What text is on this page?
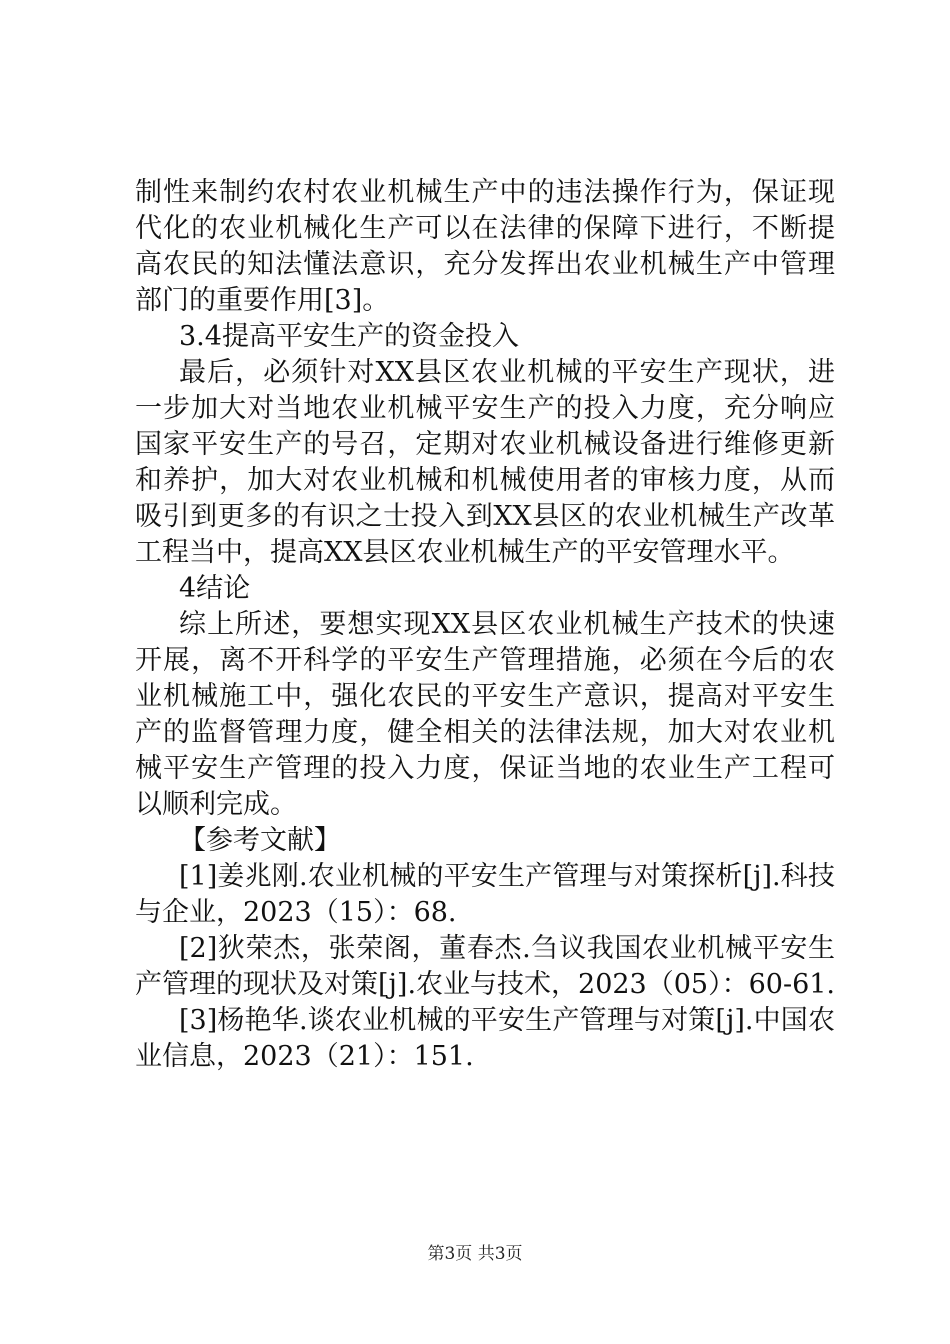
制性来制约农村农业机械生产中的违法操作行为，保证现代化的农业机械化生产可以在法律的保障下进行，不断提高农民的知法懂法意识，充分发挥出农业机械生产中管理部门的重要作用[3]。

3.4提高平安生产的资金投入

最后，必须针对XX县区农业机械的平安生产现状，进一步加大对当地农业机械平安生产的投入力度，充分响应国家平安生产的号召，定期对农业机械设备进行维修更新和养护，加大对农业机械和机械使用者的审核力度，从而吸引到更多的有识之士投入到XX县区的农业机械生产改革工程当中，提高XX县区农业机械生产的平安管理水平。

4结论

综上所述，要想实现XX县区农业机械生产技术的快速开展，离不开科学的平安生产管理措施，必须在今后的农业机械施工中，强化农民的平安生产意识，提高对平安生产的监督管理力度，健全相关的法律法规，加大对农业机械平安生产管理的投入力度，保证当地的农业生产工程可以顺利完成。

【参考文献】

[1]姜兆刚.农业机械的平安生产管理与对策探析[j].科技与企业，2023（15）：68.

[2]狄荣杰，张荣阁，董春杰.刍议我国农业机械平安生产管理的现状及对策[j].农业与技术，2023（05）：60-61.

[3]杨艳华.谈农业机械的平安生产管理与对策[j].中国农业信息，2023（21）：151.

第3页 共3页
